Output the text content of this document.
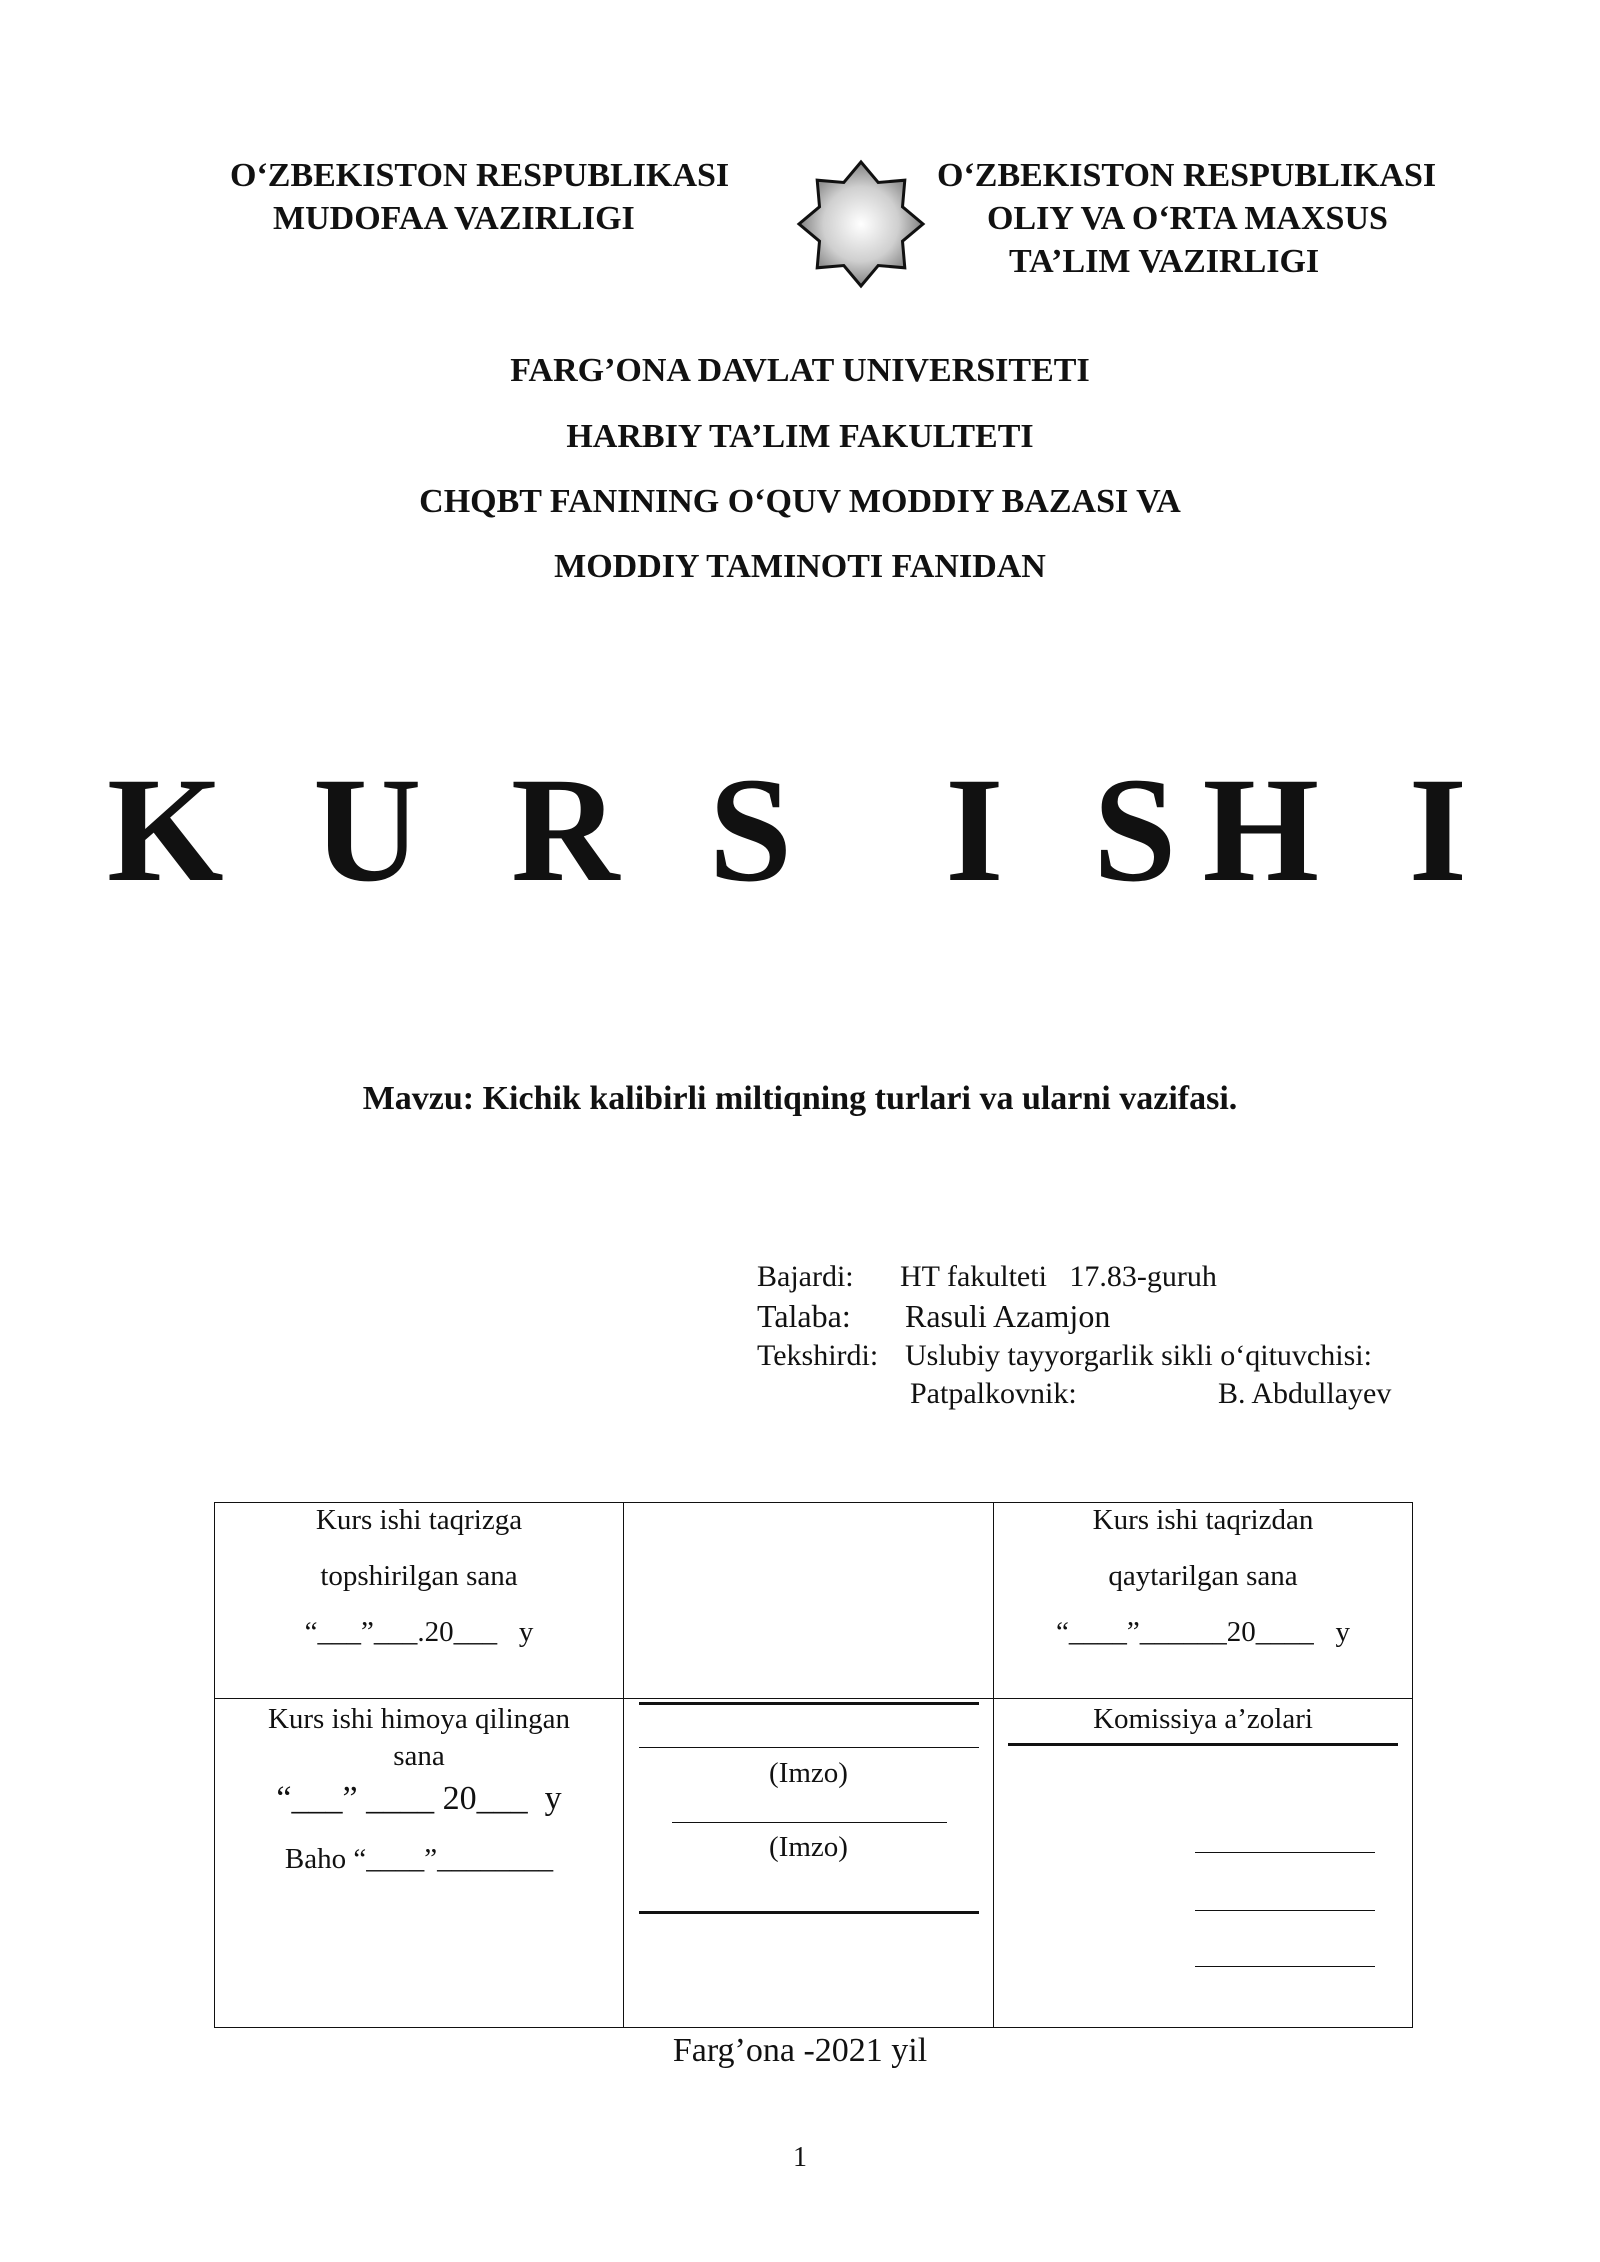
O‘ZBEKISTON RESPUBLIKASI
MUDOFAA VAZIRLIGI
O‘ZBEKISTON RESPUBLIKASI
OLIY VA O‘RTA MAXSUS
TA’LIM VAZIRLIGI
FARG’ONA DAVLAT UNIVERSITETI
HARBIY TA’LIM FAKULTETI
CHQBT FANINING O‘QUV MODDIY BAZASI VA
MODDIY TAMINOTI FANIDAN
K U R S  I SH I
Mavzu: Kichik kalibirli miltiqning turlari va ularni vazifasi.
Bajardi: HT fakulteti   17.83-guruh
Talaba: Rasuli Azamjon
Tekshirdi: Uslubiy tayyorgarlik sikli o‘qituvchisi:
Patpalkovnik:	B. Abdullayev
Kurs ishi taqrizga
topshirilgan sana
“___”___.20___   y
Kurs ishi taqrizdan
qaytarilgan sana
“____”______20____   y
Kurs ishi himoya qilingan
sana
“___” ____ 20___  y
Baho “____”________
(Imzo)
(Imzo)
Komissiya a’zolari
Farg’ona -2021 yil
1
